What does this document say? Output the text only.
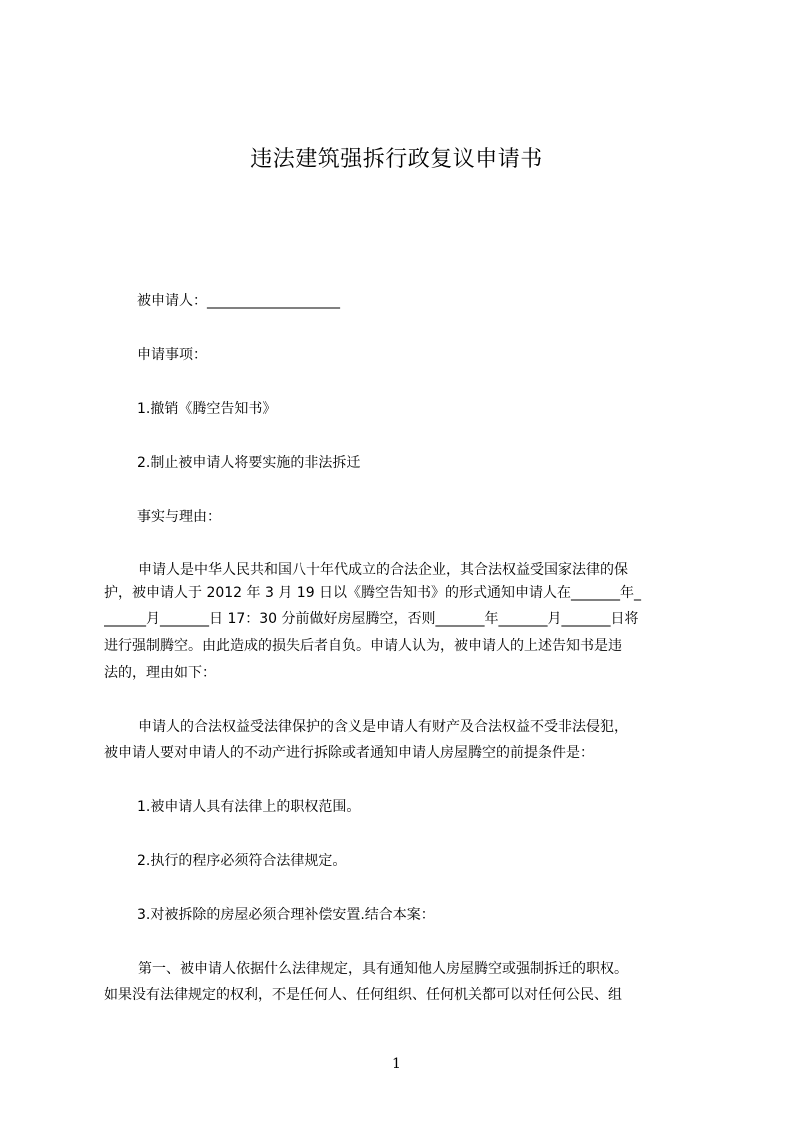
违法建筑强拆行政复议申请书
被申请人：___________________
申请事项：
1.撤销《腾空告知书》
2.制止被申请人将要实施的非法拆迁
事实与理由：
申请人是中华人民共和国八十年代成立的合法企业，其合法权益受国家法律的保
护，被申请人于 2012 年 3 月 19 日以《腾空告知书》的形式通知申请人在_______年_
______月_______日 17：30 分前做好房屋腾空，否则_______年_______月_______日将
进行强制腾空。由此造成的损失后者自负。申请人认为，被申请人的上述告知书是违
法的，理由如下：
申请人的合法权益受法律保护的含义是申请人有财产及合法权益不受非法侵犯，
被申请人要对申请人的不动产进行拆除或者通知申请人房屋腾空的前提条件是：
1.被申请人具有法律上的职权范围。
2.执行的程序必须符合法律规定。
3.对被拆除的房屋必须合理补偿安置.结合本案：
第一、被申请人依据什么法律规定，具有通知他人房屋腾空或强制拆迁的职权。
如果没有法律规定的权利，不是任何人、任何组织、任何机关都可以对任何公民、组
1
